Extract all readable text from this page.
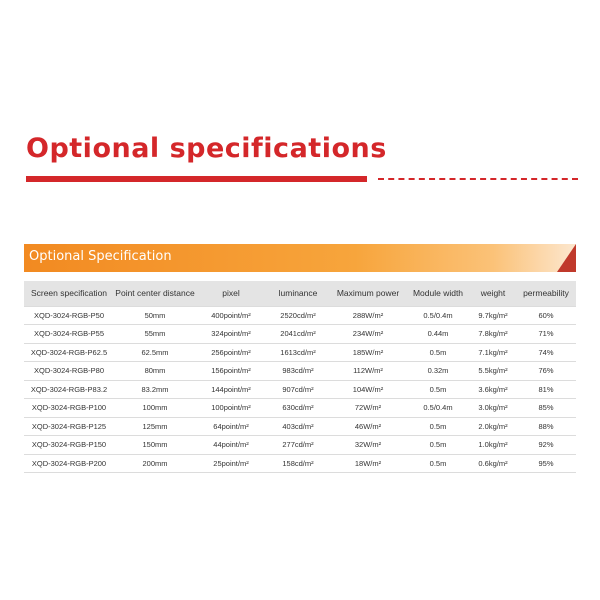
Optional specifications
Optional Specification
Screen specification	Point center distance	pixel	luminance	Maximum power	Module width	weight	permeability
XQD-3024-RGB-P50	50mm	400point/m²	2520cd/m²	288W/m²	0.5/0.4m	9.7kg/m²	60%
XQD-3024-RGB-P55	55mm	324point/m²	2041cd/m²	234W/m²	0.44m	7.8kg/m²	71%
XQD-3024-RGB-P62.5	62.5mm	256point/m²	1613cd/m²	185W/m²	0.5m	7.1kg/m²	74%
XQD-3024-RGB-P80	80mm	156point/m²	983cd/m²	112W/m²	0.32m	5.5kg/m²	76%
XQD-3024-RGB-P83.2	83.2mm	144point/m²	907cd/m²	104W/m²	0.5m	3.6kg/m²	81%
XQD-3024-RGB-P100	100mm	100point/m²	630cd/m²	72W/m²	0.5/0.4m	3.0kg/m²	85%
XQD-3024-RGB-P125	125mm	64point/m²	403cd/m²	46W/m²	0.5m	2.0kg/m²	88%
XQD-3024-RGB-P150	150mm	44point/m²	277cd/m²	32W/m²	0.5m	1.0kg/m²	92%
XQD-3024-RGB-P200	200mm	25point/m²	158cd/m²	18W/m²	0.5m	0.6kg/m²	95%
